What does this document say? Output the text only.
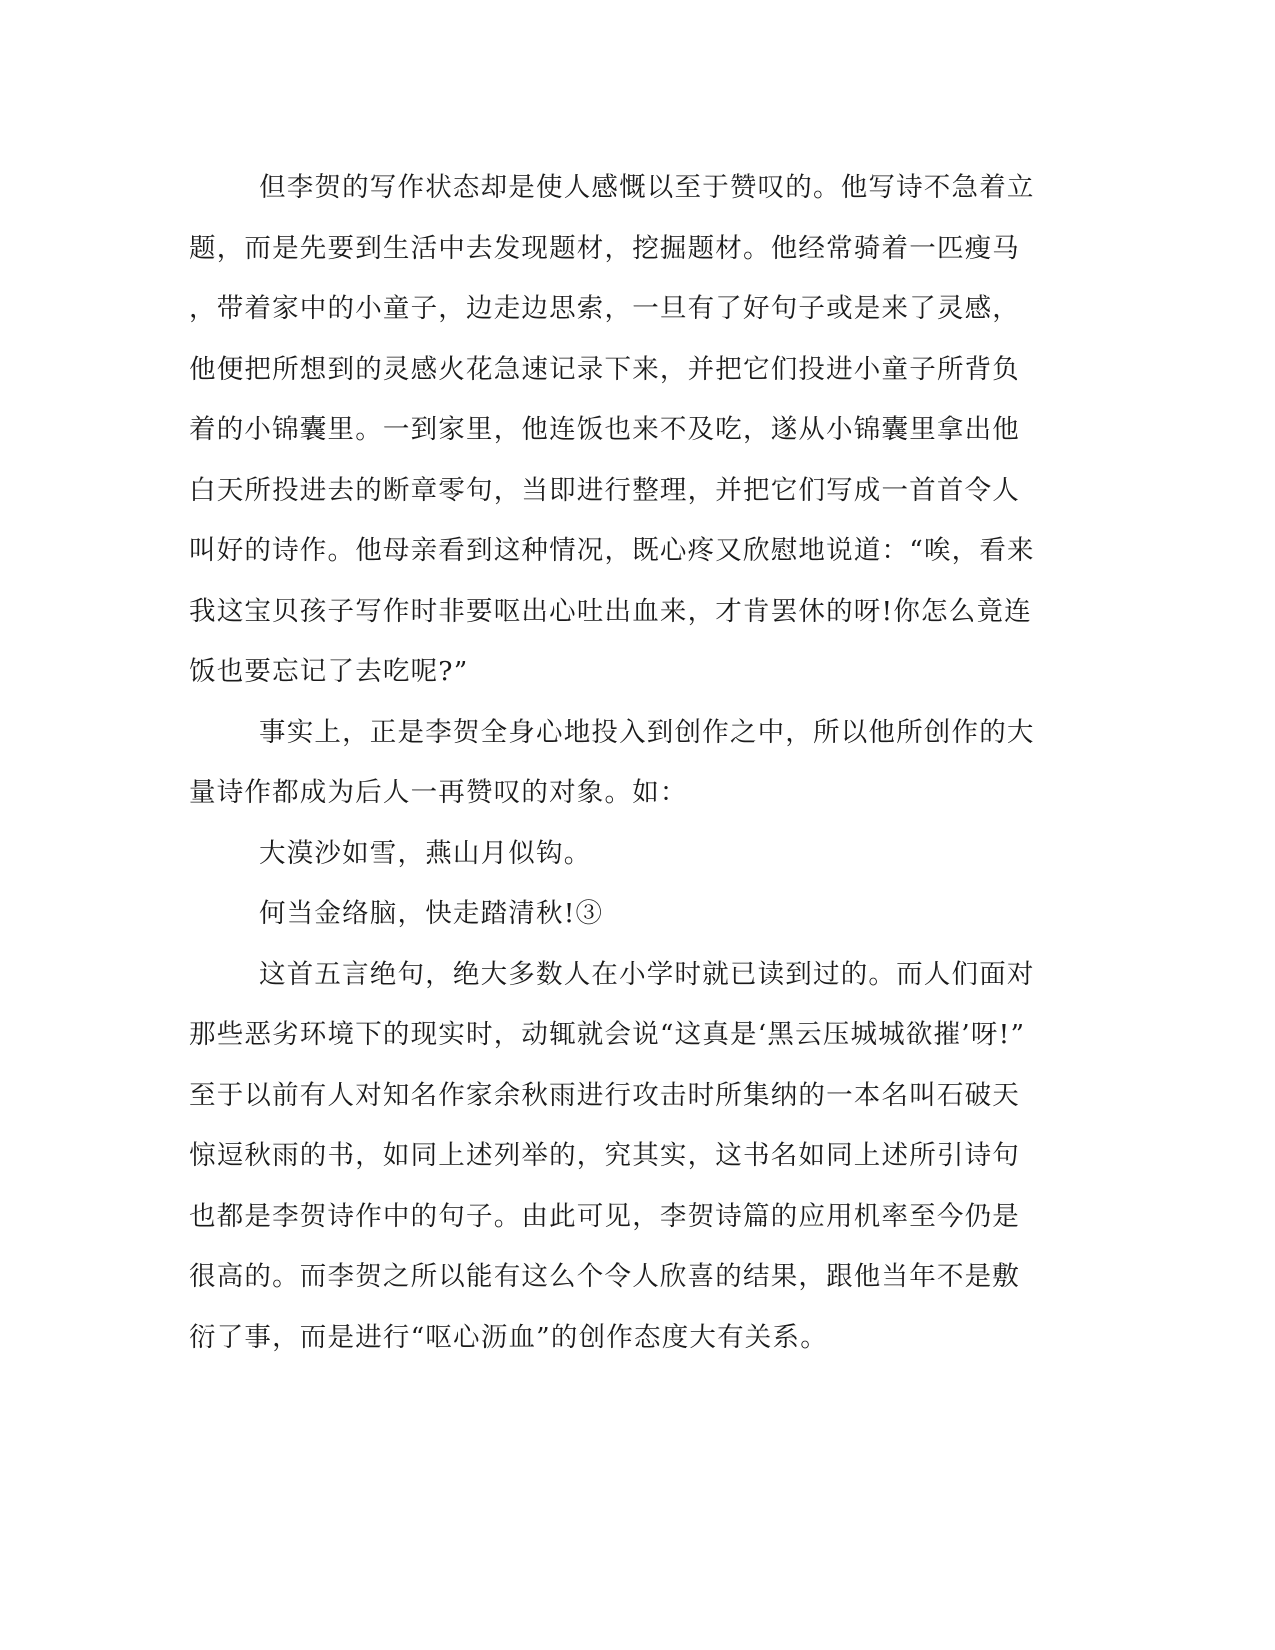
但李贺的写作状态却是使人感慨以至于赞叹的。他写诗不急着立
题，而是先要到生活中去发现题材，挖掘题材。他经常骑着一匹瘦马
，带着家中的小童子，边走边思索，一旦有了好句子或是来了灵感，
他便把所想到的灵感火花急速记录下来，并把它们投进小童子所背负
着的小锦囊里。一到家里，他连饭也来不及吃，遂从小锦囊里拿出他
白天所投进去的断章零句，当即进行整理，并把它们写成一首首令人
叫好的诗作。他母亲看到这种情况，既心疼又欣慰地说道：“唉，看来
我这宝贝孩子写作时非要呕出心吐出血来，才肯罢休的呀!你怎么竟连
饭也要忘记了去吃呢?”
事实上，正是李贺全身心地投入到创作之中，所以他所创作的大
量诗作都成为后人一再赞叹的对象。如：
大漠沙如雪，燕山月似钩。
何当金络脑，快走踏清秋!③
这首五言绝句，绝大多数人在小学时就已读到过的。而人们面对
那些恶劣环境下的现实时，动辄就会说“这真是‘黑云压城城欲摧’呀!”
至于以前有人对知名作家余秋雨进行攻击时所集纳的一本名叫石破天
惊逗秋雨的书，如同上述列举的，究其实，这书名如同上述所引诗句
也都是李贺诗作中的句子。由此可见，李贺诗篇的应用机率至今仍是
很高的。而李贺之所以能有这么个令人欣喜的结果，跟他当年不是敷
衍了事，而是进行“呕心沥血”的创作态度大有关系。
